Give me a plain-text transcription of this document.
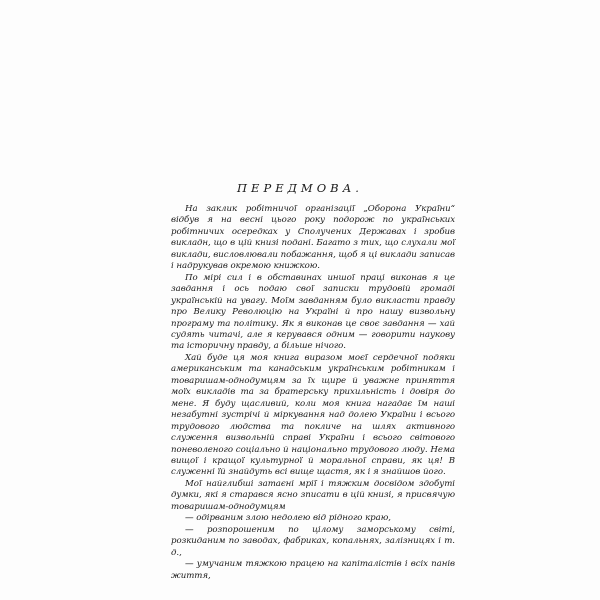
ПЕРЕДМОВА.

На заклик робітничої організації „Оборона України“ відбув я на весні цього року подорож по українських робітничих осередках у Сполучених Державах і зробив викладн, що в цій книзі подані. Багато з тих, що слухали мої виклади, висловлювали побажання, щоб я ці виклади записав і надрукував окремою книжкою.

По мірі сил і в обставинах иншої праці виконав я це завдання і ось подаю свої записки трудовій громаді українській на увагу. Моїм завданням було викласти правду про Велику Революцію на Україні й про нашу визвольну програму та політику. Як я виконав це своє завдання — хай судять читачі, але я керувався одним — говорити наукову та історичну правду, а більше нічого.

Хай буде ця моя книга виразом моєї сердечної подяки американським та канадським українським робітникам і товаришам-однодумцям за їх щире й уважне приняття моїх викладів та за братерську прихильність і довіря до мене. Я буду щасливий, коли моя книга нагадає їм наші незабутні зустрічі й міркування над долею України і всього трудового людства та покличе на шлях активного служення визвольній справі України і всього світового поневоленого соціально й національно трудового люду. Нема вищої і кращої культурної й моральної справи, як ця! В служенні їй знайдуть всі вище щастя, як і я знайшов його.

Мої найглибші затаєні мрії і тяжким досвідом здобуті думки, які я старався ясно зписати в цій книзі, я присвячую товаришам-однодумцям

— одірваним злою недолею від рідного краю,

— розпорошеним по цілому заморському світі, розкиданим по заводах, фабриках, копальнях, залізницях і т. д.,

— умучаним тяжкою працею на капіталістів і всіх панів життя,
